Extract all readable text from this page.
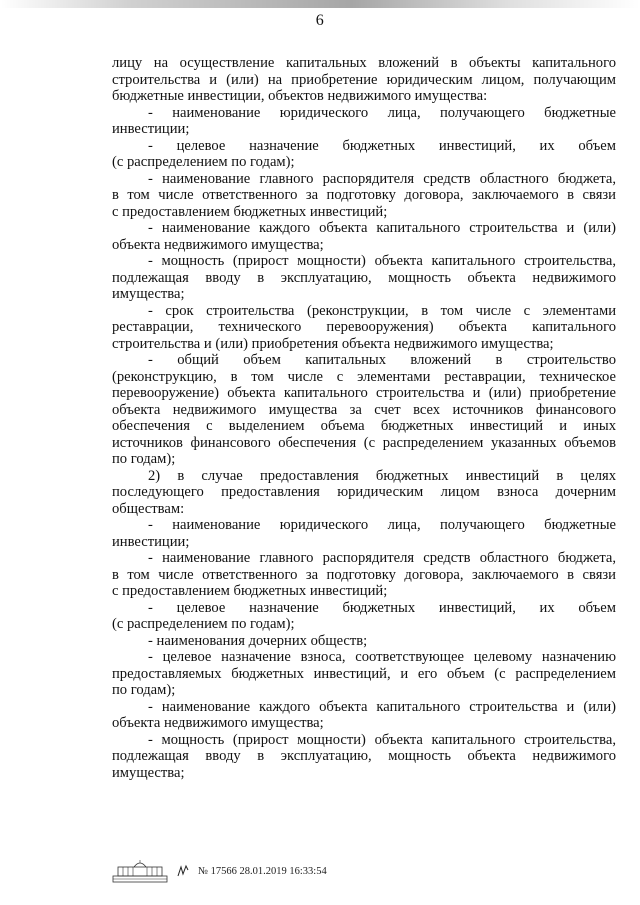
6
лицу на осуществление капитальных вложений в объекты капитального
строительства и (или) на приобретение юридическим лицом, получающим
бюджетные инвестиции, объектов недвижимого имущества:
- наименование юридического лица, получающего бюджетные
инвестиции;
- целевое назначение бюджетных инвестиций, их объем
(с распределением по годам);
- наименование главного распорядителя средств областного бюджета,
в том числе ответственного за подготовку договора, заключаемого в связи
с предоставлением бюджетных инвестиций;
- наименование каждого объекта капитального строительства и (или)
объекта недвижимого имущества;
- мощность (прирост мощности) объекта капитального строительства,
подлежащая вводу в эксплуатацию, мощность объекта недвижимого
имущества;
- срок строительства (реконструкции, в том числе с элементами
реставрации, технического перевооружения) объекта капитального
строительства и (или) приобретения объекта недвижимого имущества;
- общий объем капитальных вложений в строительство
(реконструкцию, в том числе с элементами реставрации, техническое
перевооружение) объекта капитального строительства и (или) приобретение
объекта недвижимого имущества за счет всех источников финансового
обеспечения с выделением объема бюджетных инвестиций и иных
источников финансового обеспечения (с распределением указанных объемов
по годам);
2) в случае предоставления бюджетных инвестиций в целях
последующего предоставления юридическим лицом взноса дочерним
обществам:
- наименование юридического лица, получающего бюджетные
инвестиции;
- наименование главного распорядителя средств областного бюджета,
в том числе ответственного за подготовку договора, заключаемого в связи
с предоставлением бюджетных инвестиций;
- целевое назначение бюджетных инвестиций, их объем
(с распределением по годам);
- наименования дочерних обществ;
- целевое назначение взноса, соответствующее целевому назначению
предоставляемых бюджетных инвестиций, и его объем (с распределением
по годам);
- наименование каждого объекта капитального строительства и (или)
объекта недвижимого имущества;
- мощность (прирост мощности) объекта капитального строительства,
подлежащая вводу в эксплуатацию, мощность объекта недвижимого
имущества;
№ 17566 28.01.2019 16:33:54
